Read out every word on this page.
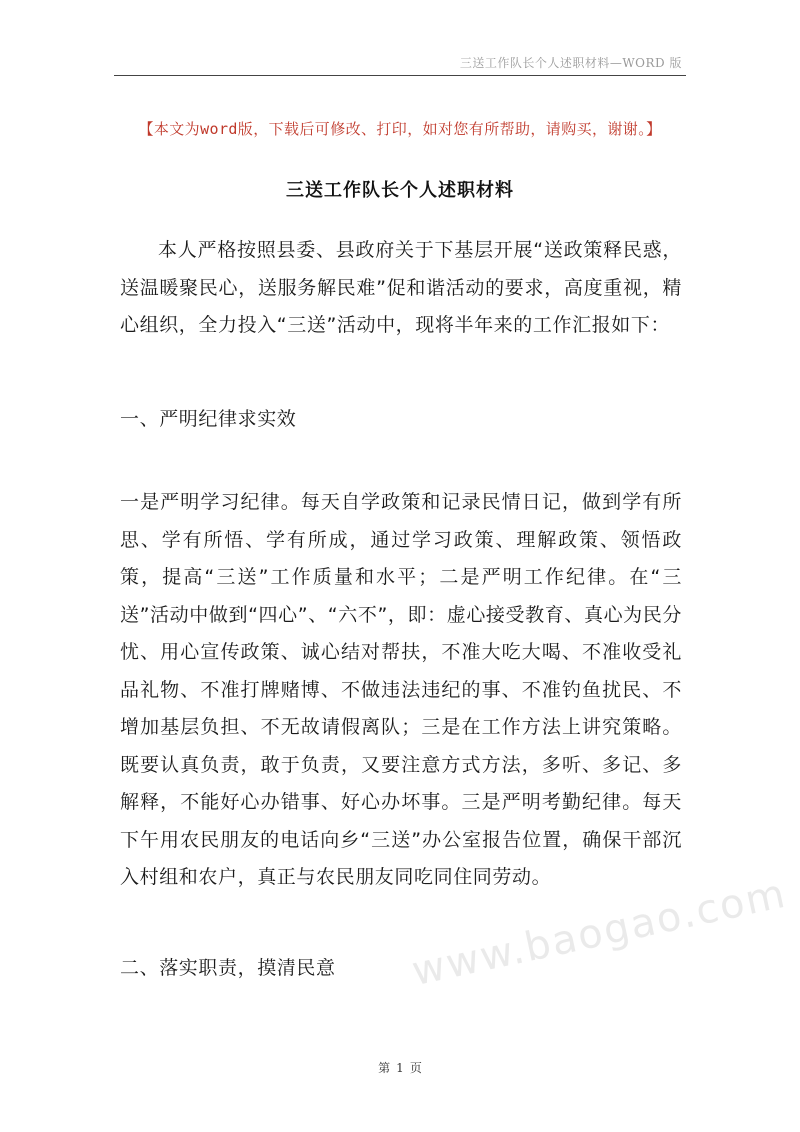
三送工作队长个人述职材料—WORD 版
【本文为word版，下载后可修改、打印，如对您有所帮助，请购买，谢谢。】
三送工作队长个人述职材料
本人严格按照县委、县政府关于下基层开展“送政策释民惑，送温暖聚民心，送服务解民难”促和谐活动的要求，高度重视，精心组织，全力投入“三送”活动中，现将半年来的工作汇报如下：
一、严明纪律求实效
一是严明学习纪律。每天自学政策和记录民情日记，做到学有所思、学有所悟、学有所成，通过学习政策、理解政策、领悟政策，提高“三送”工作质量和水平；二是严明工作纪律。在“三送”活动中做到“四心”、“六不”，即：虚心接受教育、真心为民分忧、用心宣传政策、诚心结对帮扶，不准大吃大喝、不准收受礼品礼物、不准打牌赌博、不做违法违纪的事、不准钓鱼扰民、不增加基层负担、不无故请假离队；三是在工作方法上讲究策略。既要认真负责，敢于负责，又要注意方式方法，多听、多记、多解释，不能好心办错事、好心办坏事。三是严明考勤纪律。每天下午用农民朋友的电话向乡“三送”办公室报告位置，确保干部沉入村组和农户，真正与农民朋友同吃同住同劳动。
www.baogao.com
二、落实职责，摸清民意
第 1 页
